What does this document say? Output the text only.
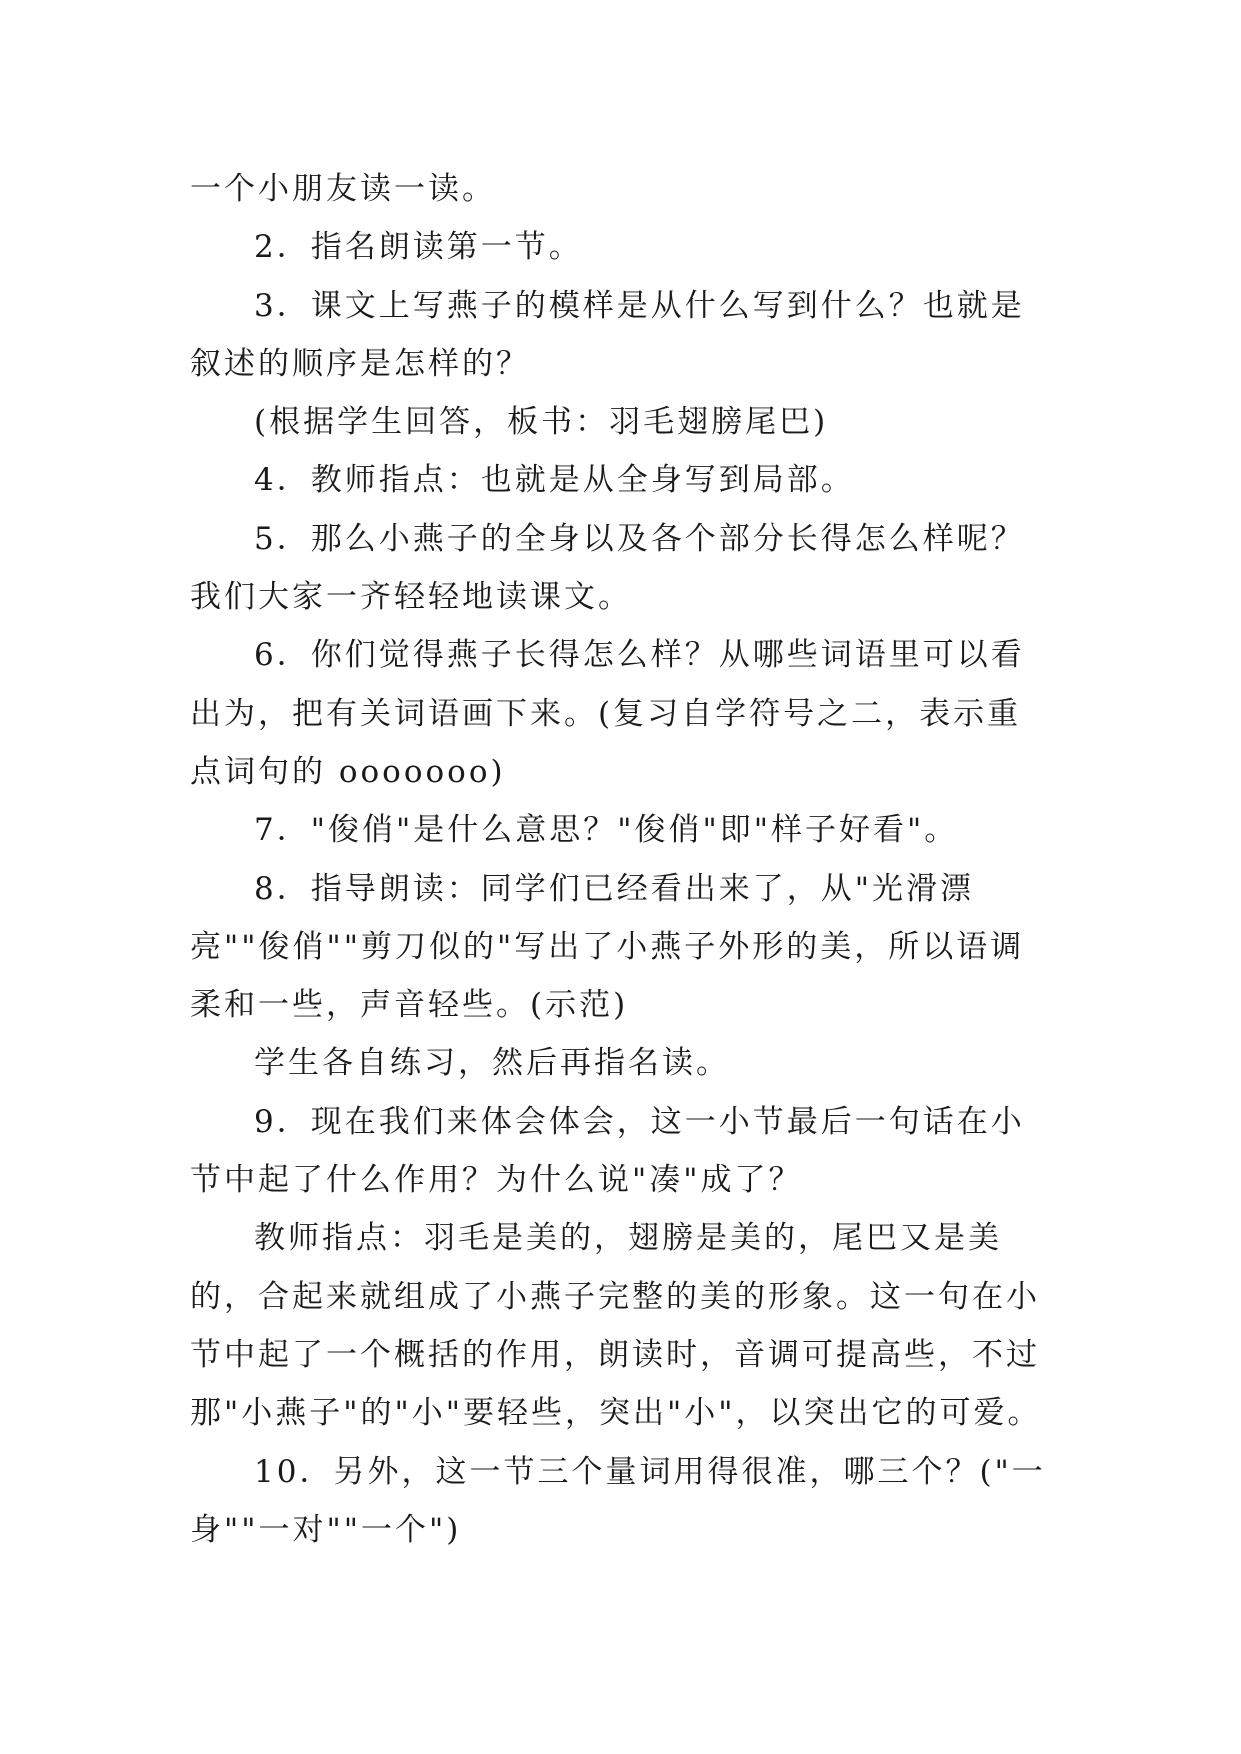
一个小朋友读一读。

2．指名朗读第一节。

3．课文上写燕子的模样是从什么写到什么？也就是叙述的顺序是怎样的？

(根据学生回答，板书：羽毛翅膀尾巴)

4．教师指点：也就是从全身写到局部。

5．那么小燕子的全身以及各个部分长得怎么样呢？我们大家一齐轻轻地读课文。

6．你们觉得燕子长得怎么样？从哪些词语里可以看出为，把有关词语画下来。(复习自学符号之二，表示重点词句的 ooooooo)

7．"俊俏"是什么意思？"俊俏"即"样子好看"。

8．指导朗读：同学们已经看出来了，从"光滑漂亮""俊俏""剪刀似的"写出了小燕子外形的美，所以语调柔和一些，声音轻些。(示范)

学生各自练习，然后再指名读。

9．现在我们来体会体会，这一小节最后一句话在小节中起了什么作用？为什么说"凑"成了？

教师指点：羽毛是美的，翅膀是美的，尾巴又是美的，合起来就组成了小燕子完整的美的形象。这一句在小节中起了一个概括的作用，朗读时，音调可提高些，不过那"小燕子"的"小"要轻些，突出"小"，以突出它的可爱。

10．另外，这一节三个量词用得很准，哪三个？("一身""一对""一个")
